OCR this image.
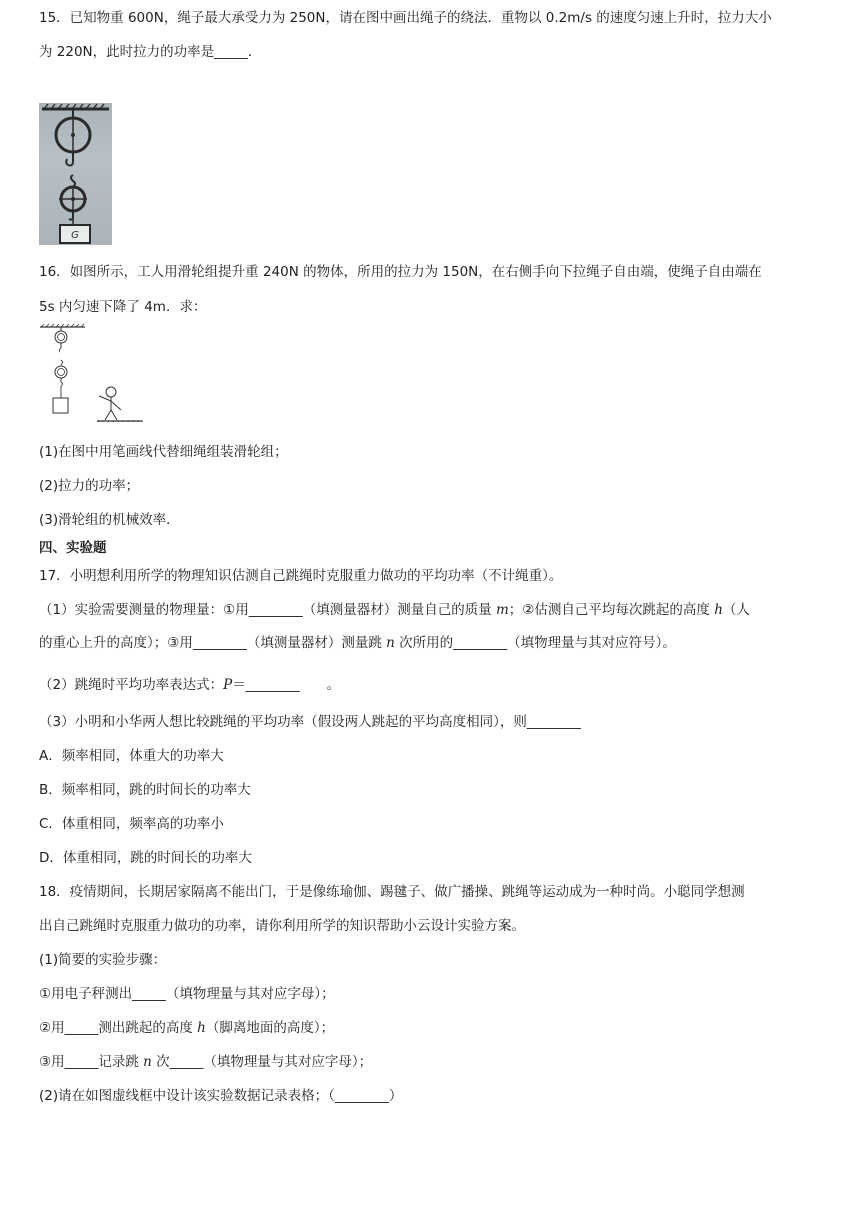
15．已知物重 600N，绳子最大承受力为 250N，请在图中画出绳子的绕法．重物以 0.2m/s 的速度匀速上升时，拉力大小
为 220N，此时拉力的功率是_____．
G
16．如图所示，工人用滑轮组提升重 240N 的物体，所用的拉力为 150N，在右侧手向下拉绳子自由端，使绳子自由端在
5s 内匀速下降了 4m．求：
(1)在图中用笔画线代替细绳组装滑轮组；
(2)拉力的功率；
(3)滑轮组的机械效率．
四、实验题
17．小明想利用所学的物理知识估测自己跳绳时克服重力做功的平均功率（不计绳重）。
（1）实验需要测量的物理量：①用________（填测量器材）测量自己的质量 m；②估测自己平均每次跳起的高度 h（人
的重心上升的高度）；③用________（填测量器材）测量跳 n 次所用的________（填物理量与其对应符号）。
（2）跳绳时平均功率表达式：P＝________　　。
（3）小明和小华两人想比较跳绳的平均功率（假设两人跳起的平均高度相同），则________
A．频率相同，体重大的功率大
B．频率相同，跳的时间长的功率大
C．体重相同，频率高的功率小
D．体重相同，跳的时间长的功率大
18．疫情期间，长期居家隔离不能出门，于是像练瑜伽、踢毽子、做广播操、跳绳等运动成为一种时尚。小聪同学想测
出自己跳绳时克服重力做功的功率，请你利用所学的知识帮助小云设计实验方案。
(1)简要的实验步骤：
①用电子秤测出_____（填物理量与其对应字母）；
②用_____测出跳起的高度 h（脚离地面的高度）；
③用_____记录跳 n 次_____（填物理量与其对应字母）；
(2)请在如图虚线框中设计该实验数据记录表格；（________）
